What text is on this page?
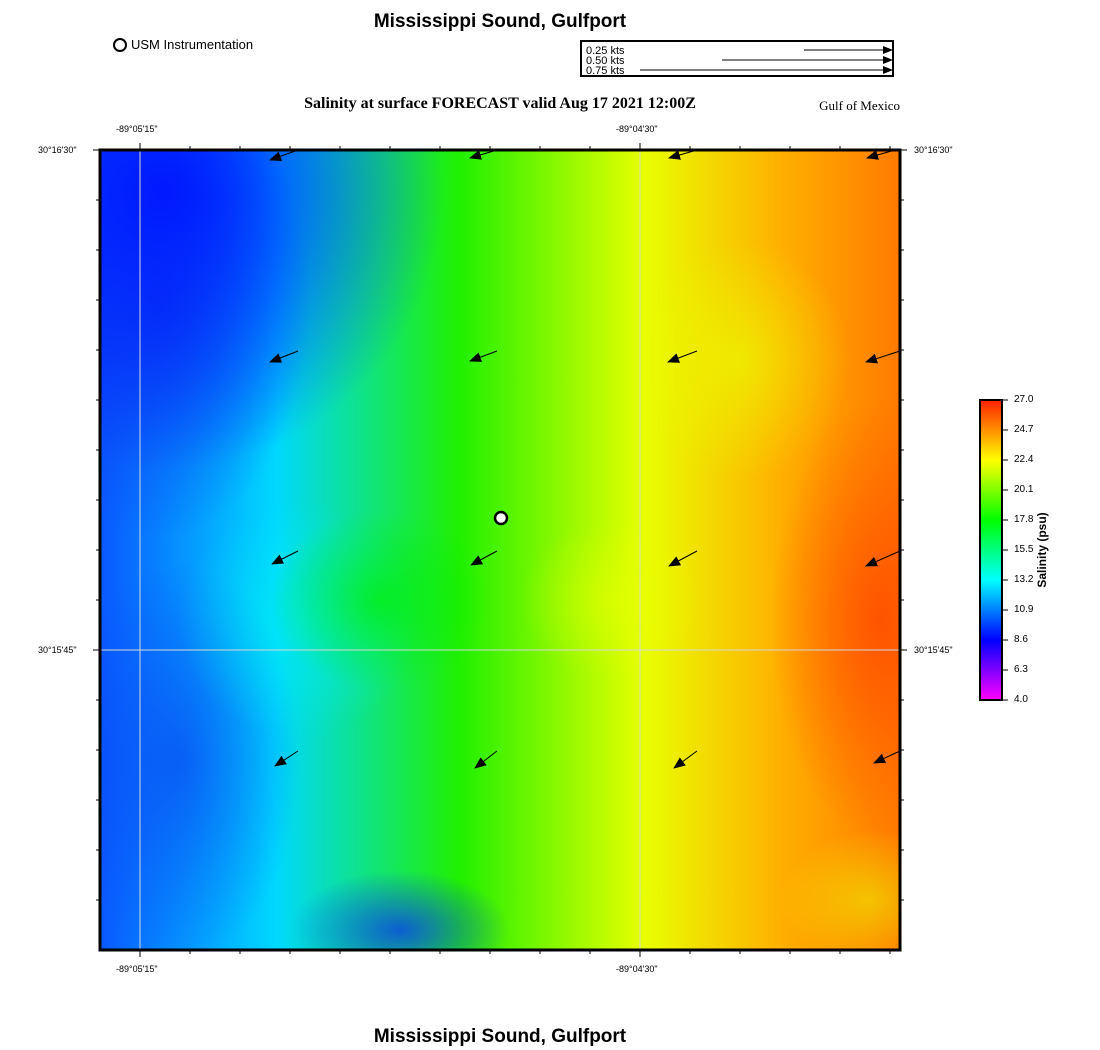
Mississippi Sound, Gulfport
USM Instrumentation	0.25 kts
0.50 kts
0.75 kts
Salinity at surface FORECAST valid Aug 17 2021 12:00Z	Gulf of Mexico
-89°05'15"	-89°04'30"
-89°05'15"	-89°04'30"
30°16'30"
30°15'45"
30°16'30"
30°15'45"
27.0
24.7
22.4
20.1
17.8
15.5
13.2
10.9
8.6
6.3
4.0
Salinity (psu)
Mississippi Sound, Gulfport
